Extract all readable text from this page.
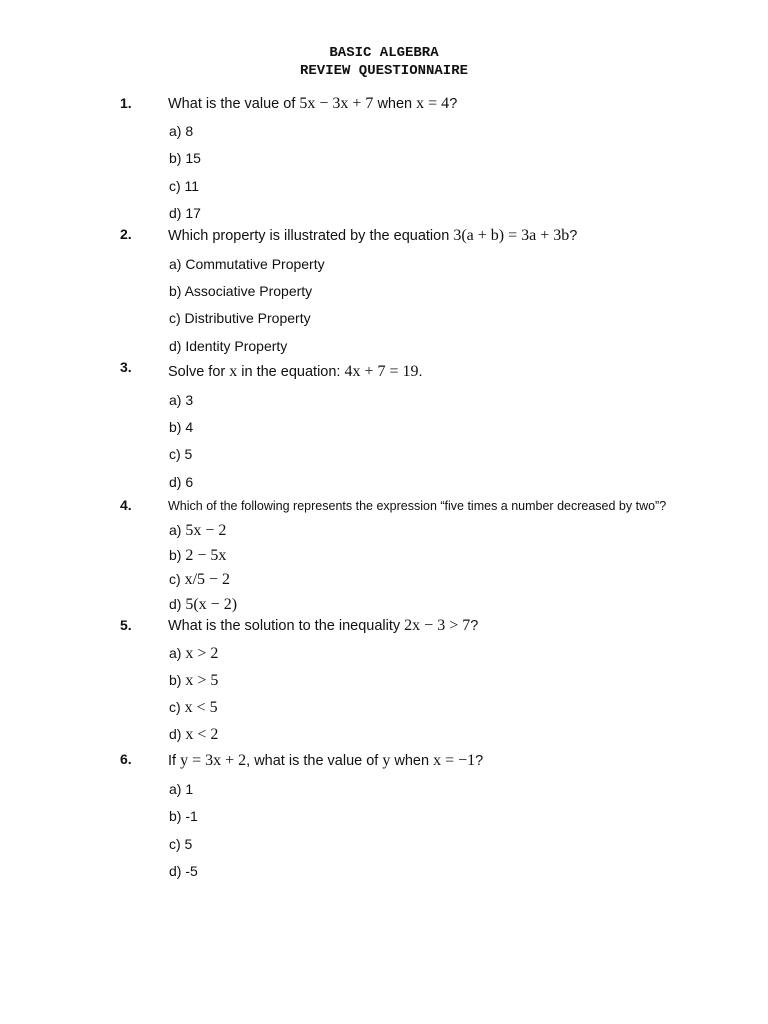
BASIC ALGEBRA
REVIEW QUESTIONNAIRE
1.	What is the value of 5x − 3x + 7 when x = 4?
a) 8
b) 15
c) 11
d) 17
2.	Which property is illustrated by the equation 3(a + b) = 3a + 3b?
a) Commutative Property
b) Associative Property
c) Distributive Property
d) Identity Property
3.	Solve for x in the equation: 4x + 7 = 19.
a) 3
b) 4
c) 5
d) 6
4.	Which of the following represents the expression “five times a number decreased by two”?
a) 5x − 2
b) 2 − 5x
c) x/5 − 2
d) 5(x − 2)
5.	What is the solution to the inequality 2x − 3 > 7?
a) x > 2
b) x > 5
c) x < 5
d) x < 2
6.	If y = 3x + 2, what is the value of y when x = −1?
a) 1
b) -1
c) 5
d) -5
